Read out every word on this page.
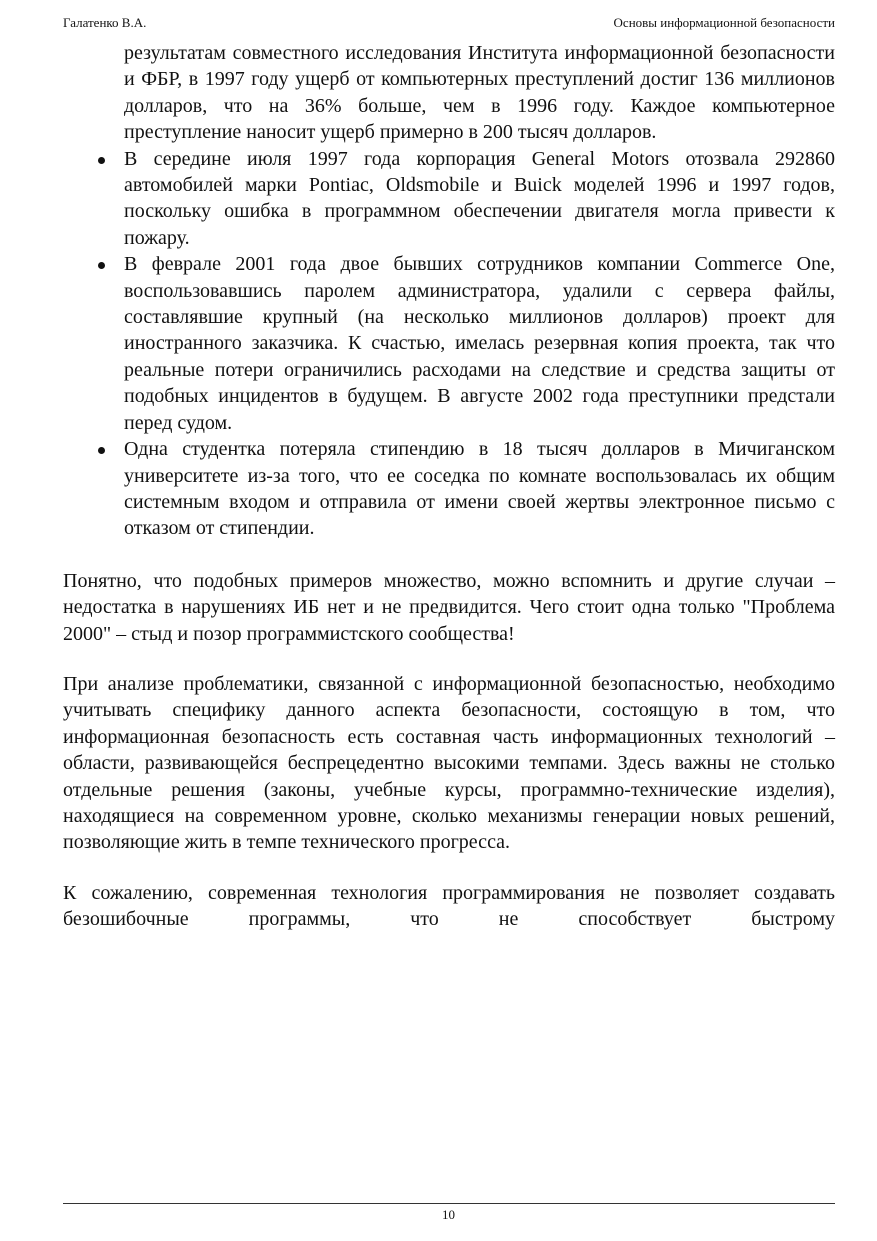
Галатенко В.А.	Основы информационной безопасности

результатам совместного исследования Института информационной безопасности и ФБР, в 1997 году ущерб от компьютерных преступлений достиг 136 миллионов долларов, что на 36% больше, чем в 1996 году. Каждое компьютерное преступление наносит ущерб примерно в 200 тысяч долларов.

В середине июля 1997 года корпорация General Motors отозвала 292860 автомобилей марки Pontiac, Oldsmobile и Buick моделей 1996 и 1997 годов, поскольку ошибка в программном обеспечении двигателя могла привести к пожару.

В феврале 2001 года двое бывших сотрудников компании Commerce One, воспользовавшись паролем администратора, удалили с сервера файлы, составлявшие крупный (на несколько миллионов долларов) проект для иностранного заказчика. К счастью, имелась резервная копия проекта, так что реальные потери ограничились расходами на следствие и средства защиты от подобных инцидентов в будущем. В августе 2002 года преступники предстали перед судом.

Одна студентка потеряла стипендию в 18 тысяч долларов в Мичиганском университете из-за того, что ее соседка по комнате воспользовалась их общим системным входом и отправила от имени своей жертвы электронное письмо с отказом от стипендии.

Понятно, что подобных примеров множество, можно вспомнить и другие случаи – недостатка в нарушениях ИБ нет и не предвидится. Чего стоит одна только "Проблема 2000" – стыд и позор программистского сообщества!

При анализе проблематики, связанной с информационной безопасностью, необходимо учитывать специфику данного аспекта безопасности, состоящую в том, что информационная безопасность есть составная часть информационных технологий – области, развивающейся беспрецедентно высокими темпами. Здесь важны не столько отдельные решения (законы, учебные курсы, программно-технические изделия), находящиеся на современном уровне, сколько механизмы генерации новых решений, позволяющие жить в темпе технического прогресса.

К сожалению, современная технология программирования не позволяет создавать безошибочные программы, что не способствует быстрому

10
